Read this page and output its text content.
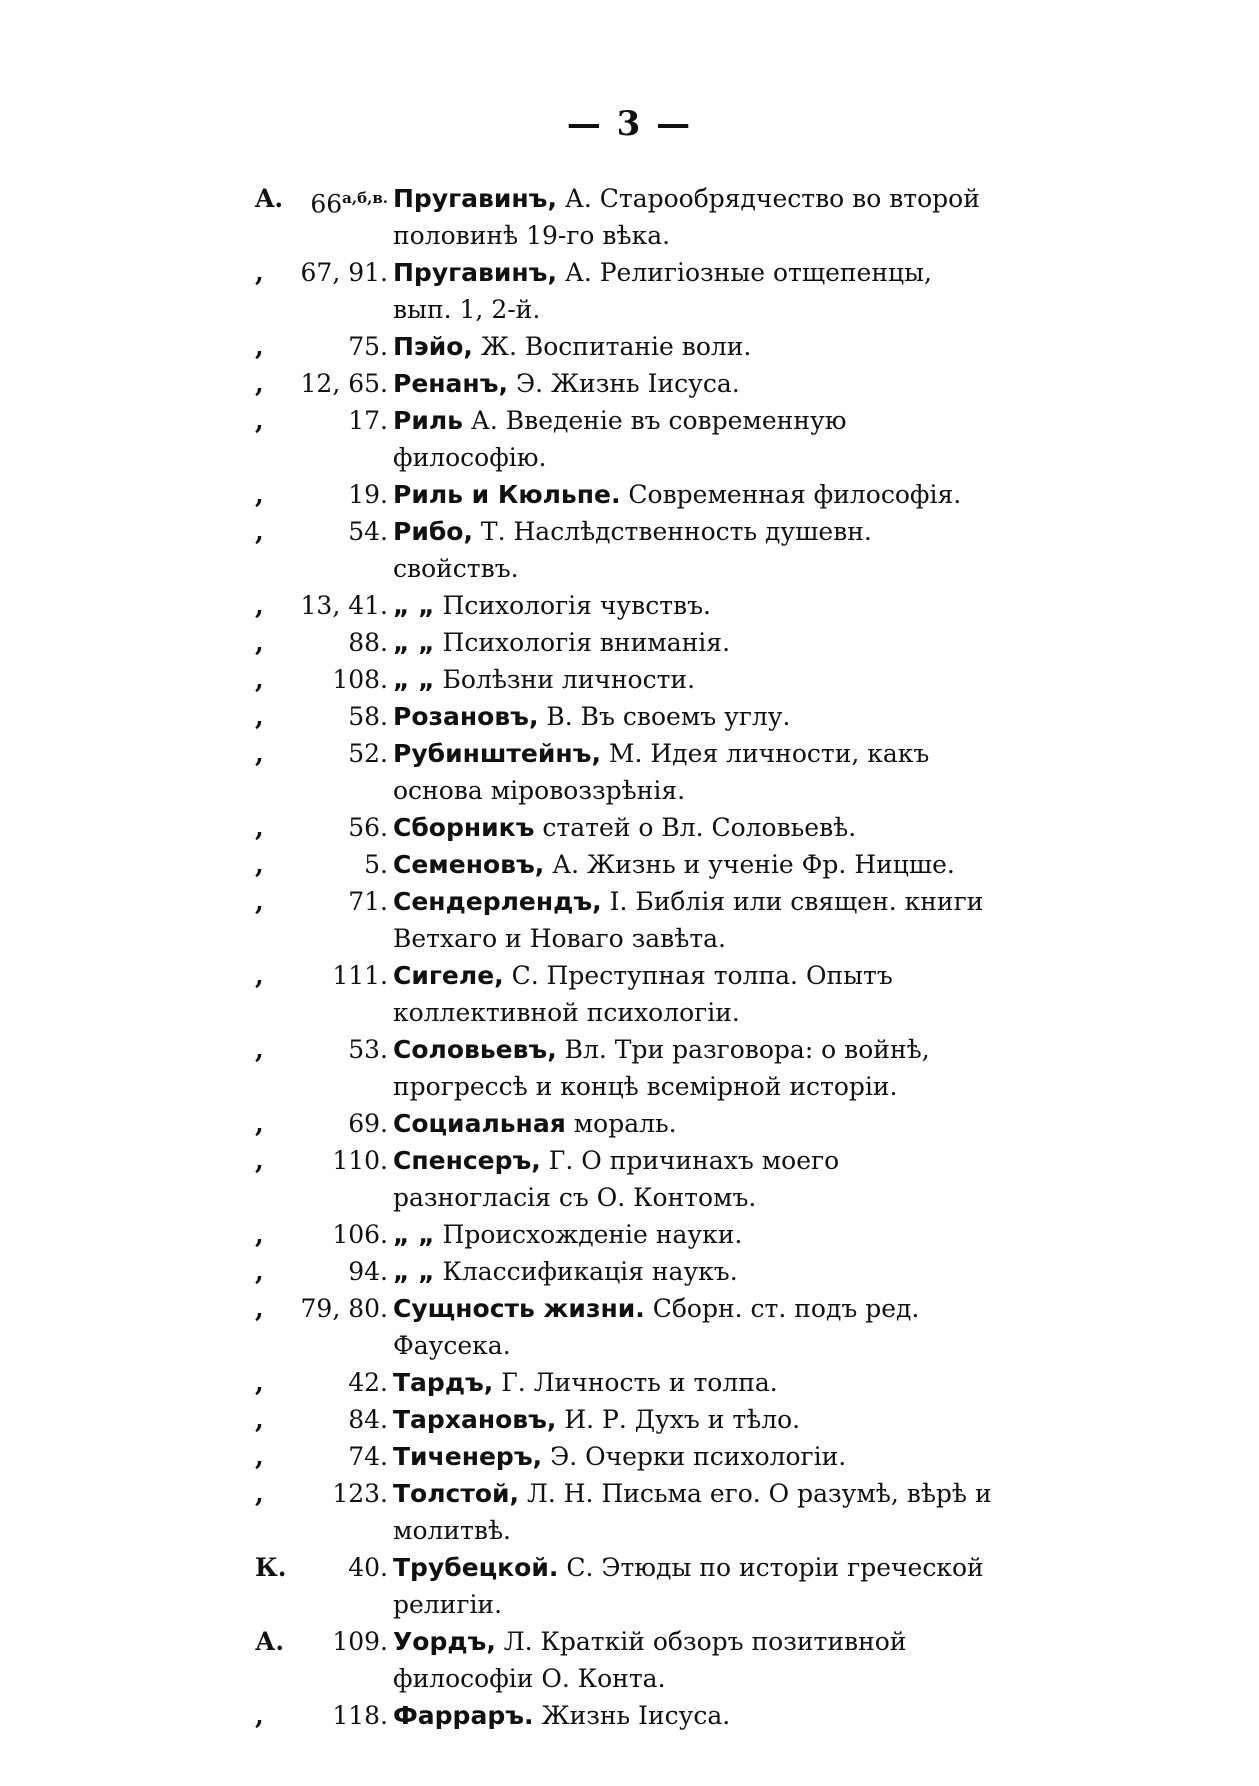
— 3 —
A. $66^{а,б,в.}$ Пругавинъ, А. Старообрядчество во второй половинѣ 19-го вѣка.
, 67, 91. Пругавинъ, А. Религiозные отщепенцы, вып. 1, 2-й.
,	75. Пэйо, Ж. Воспитанiе воли.
, 12, 65. Ренанъ, Э. Жизнь Iисуса.
,	17. Риль А. Введенiе въ современную философiю.
,	19. Риль и Кюльпе. Современная философiя.
,	54. Рибо, Т. Наслѣдственность душевн. свойствъ.
, 13, 41. „ „ Психологiя чувствъ.
,	88. „ „ Психологiя вниманiя.
,	108. „ „ Болѣзни личности.
,	58. Розановъ, В. Въ своемъ углу.
,	52. Рубинштейнъ, М. Идея личности, какъ основа мiровоззрѣнiя.
,	56. Сборникъ статей о Вл. Соловьевѣ.
,	5. Семеновъ, А. Жизнь и ученiе Фр. Ницше.
,	71. Сендерлендъ, I. Библiя или священ. книги Ветхаго и Новаго завѣта.
,	111. Сигеле, С. Преступная толпа. Опытъ коллективной психологiи.
,	53. Соловьевъ, Вл. Три разговора: о войнѣ, прогрессѣ и концѣ всемiрной исторiи.
,	69. Социальная мораль.
,	110. Спенсеръ, Г. О причинахъ моего разногласiя съ О. Контомъ.
,	106. „ „ Происхожденiе науки.
,	94. „ „ Классификацiя наукъ.
, 79, 80. Сущность жизни. Сборн. ст. подъ ред. Фаусека.
,	42. Тардъ, Г. Личность и толпа.
,	84. Тархановъ, И. Р. Духъ и тѣло.
,	74. Тиченеръ, Э. Очерки психологiи.
,	123. Толстой, Л. Н. Письма его. О разумѣ, вѣрѣ и молитвѣ.
К. 40. Трубецкой. С. Этюды по исторiи греческой религiи.
А. 109. Уордъ, Л. Краткiй обзоръ позитивной философiи О. Конта.
,	118. Фарраръ. Жизнь Iисуса.
